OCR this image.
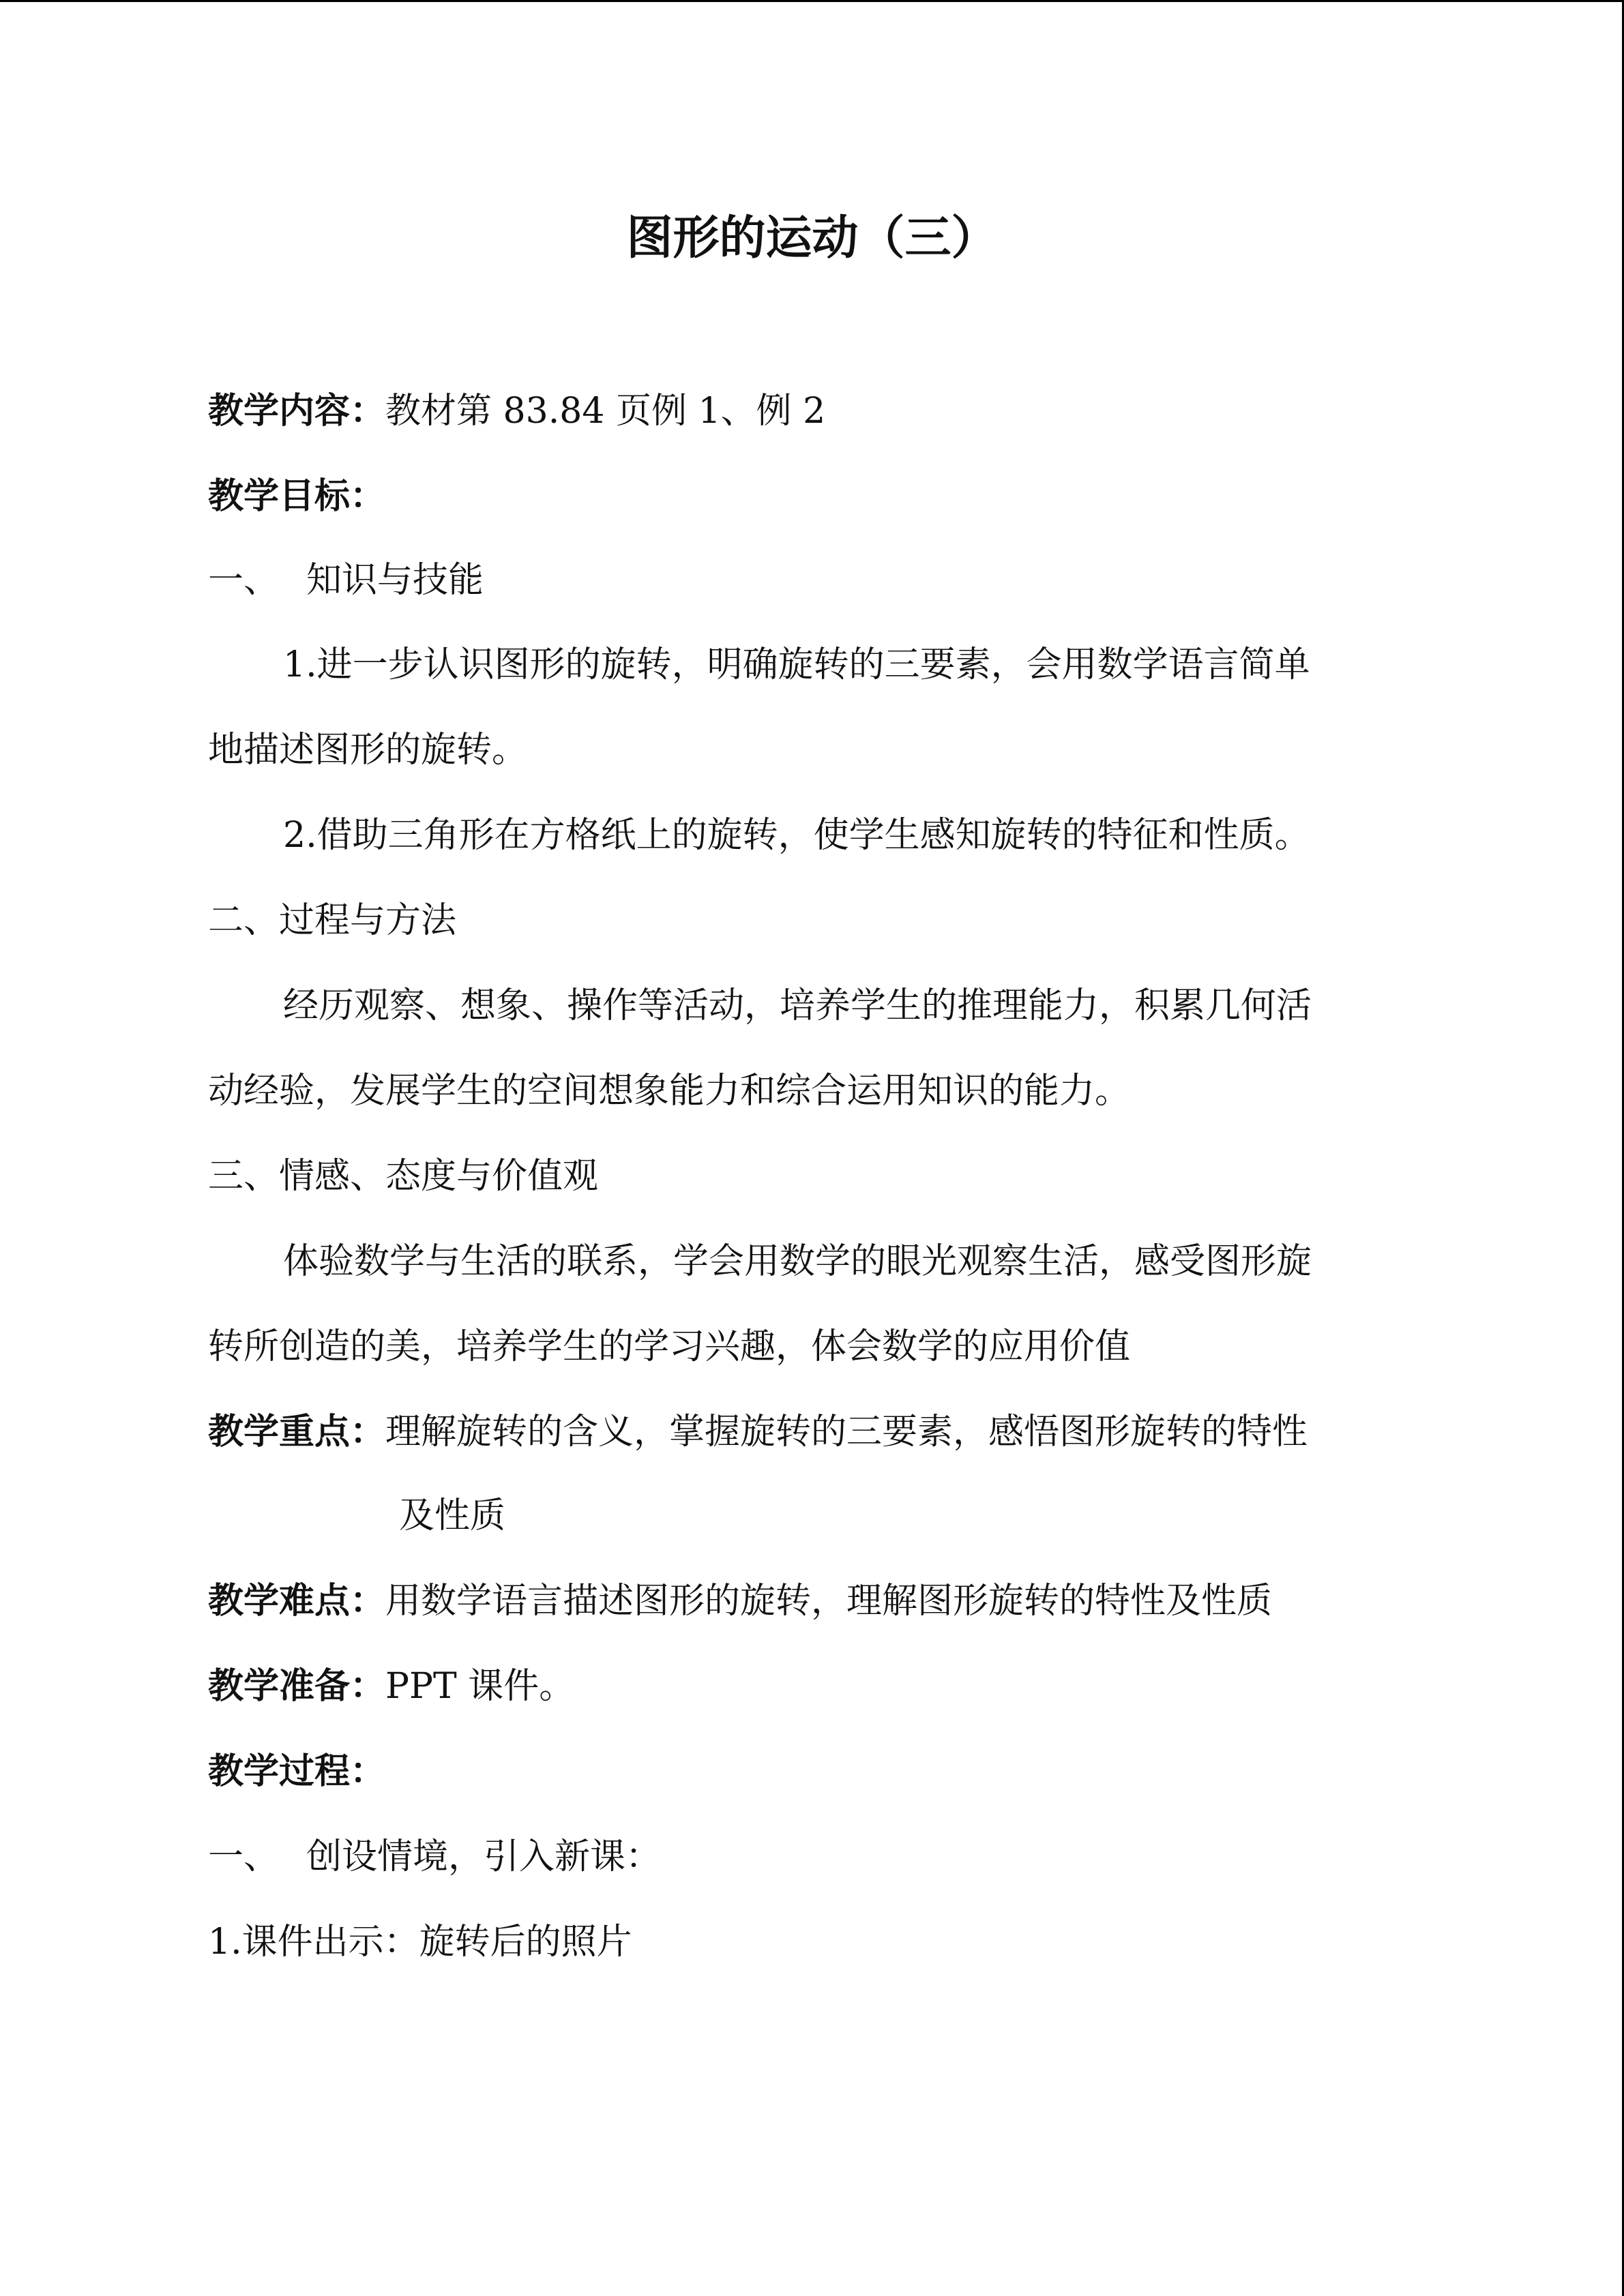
图形的运动（三）

教学内容：教材第 83.84 页例 1、例 2

教学目标：

一、 知识与技能

1.进一步认识图形的旋转，明确旋转的三要素，会用数学语言简单

地描述图形的旋转。

2.借助三角形在方格纸上的旋转，使学生感知旋转的特征和性质。

二、过程与方法

经历观察、想象、操作等活动，培养学生的推理能力，积累几何活

动经验，发展学生的空间想象能力和综合运用知识的能力。

三、情感、态度与价值观

体验数学与生活的联系，学会用数学的眼光观察生活，感受图形旋

转所创造的美，培养学生的学习兴趣，体会数学的应用价值

教学重点：理解旋转的含义，掌握旋转的三要素，感悟图形旋转的特性

及性质

教学难点：用数学语言描述图形的旋转，理解图形旋转的特性及性质

教学准备：PPT 课件。

教学过程：

一、 创设情境，引入新课：

1.课件出示：旋转后的照片
